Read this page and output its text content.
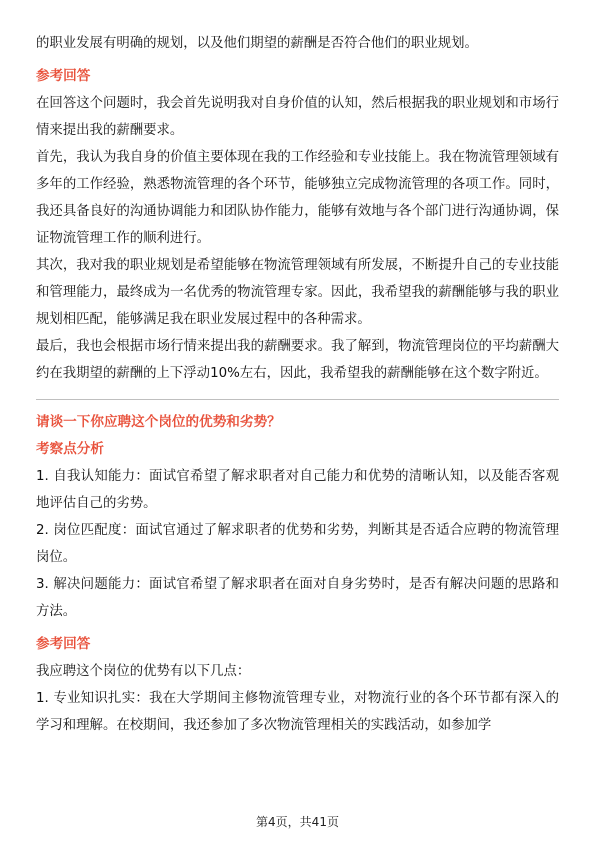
的职业发展有明确的规划，以及他们期望的薪酬是否符合他们的职业规划。

参考回答

在回答这个问题时，我会首先说明我对自身价值的认知，然后根据我的职业规划和市场行情来提出我的薪酬要求。

首先，我认为我自身的价值主要体现在我的工作经验和专业技能上。我在物流管理领域有多年的工作经验，熟悉物流管理的各个环节，能够独立完成物流管理的各项工作。同时，我还具备良好的沟通协调能力和团队协作能力，能够有效地与各个部门进行沟通协调，保证物流管理工作的顺利进行。

其次，我对我的职业规划是希望能够在物流管理领域有所发展，不断提升自己的专业技能和管理能力，最终成为一名优秀的物流管理专家。因此，我希望我的薪酬能够与我的职业规划相匹配，能够满足我在职业发展过程中的各种需求。

最后，我也会根据市场行情来提出我的薪酬要求。我了解到，物流管理岗位的平均薪酬大约在我期望的薪酬的上下浮动10%左右，因此，我希望我的薪酬能够在这个数字附近。

请谈一下你应聘这个岗位的优势和劣势？

考察点分析

1. 自我认知能力：面试官希望了解求职者对自己能力和优势的清晰认知，以及能否客观地评估自己的劣势。

2. 岗位匹配度：面试官通过了解求职者的优势和劣势，判断其是否适合应聘的物流管理岗位。

3. 解决问题能力：面试官希望了解求职者在面对自身劣势时，是否有解决问题的思路和方法。

参考回答

我应聘这个岗位的优势有以下几点：

1. 专业知识扎实：我在大学期间主修物流管理专业，对物流行业的各个环节都有深入的学习和理解。在校期间，我还参加了多次物流管理相关的实践活动，如参加学

第4页，共41页
